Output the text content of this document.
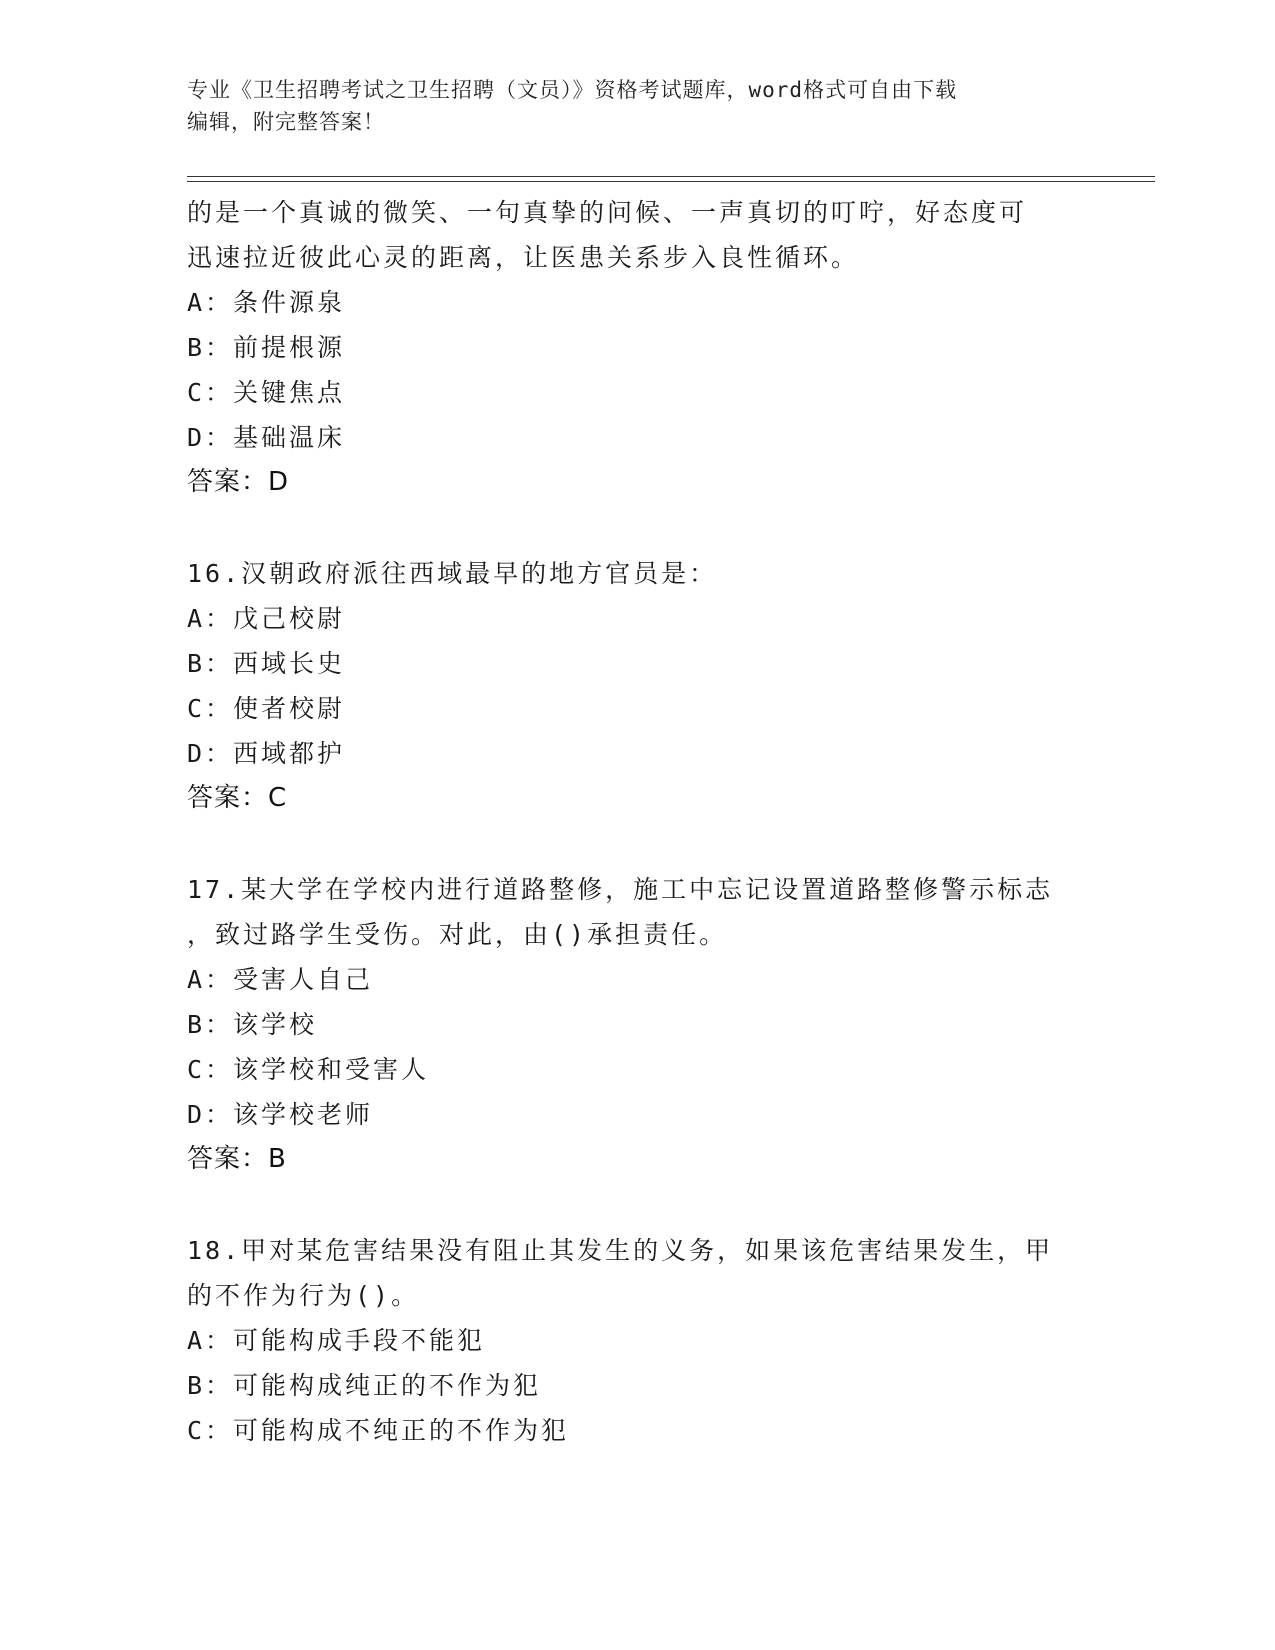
专业《卫生招聘考试之卫生招聘（文员）》资格考试题库，word格式可自由下载
编辑，附完整答案！
的是一个真诚的微笑、一句真挚的问候、一声真切的叮咛，好态度可
迅速拉近彼此心灵的距离，让医患关系步入良性循环。
A：条件源泉
B：前提根源
C：关键焦点
D：基础温床
答案：D
16.汉朝政府派往西域最早的地方官员是：
A：戊己校尉
B：西域长史
C：使者校尉
D：西域都护
答案：C
17.某大学在学校内进行道路整修，施工中忘记设置道路整修警示标志
，致过路学生受伤。对此，由()承担责任。
A：受害人自己
B：该学校
C：该学校和受害人
D：该学校老师
答案：B
18.甲对某危害结果没有阻止其发生的义务，如果该危害结果发生，甲
的不作为行为()。
A：可能构成手段不能犯
B：可能构成纯正的不作为犯
C：可能构成不纯正的不作为犯
